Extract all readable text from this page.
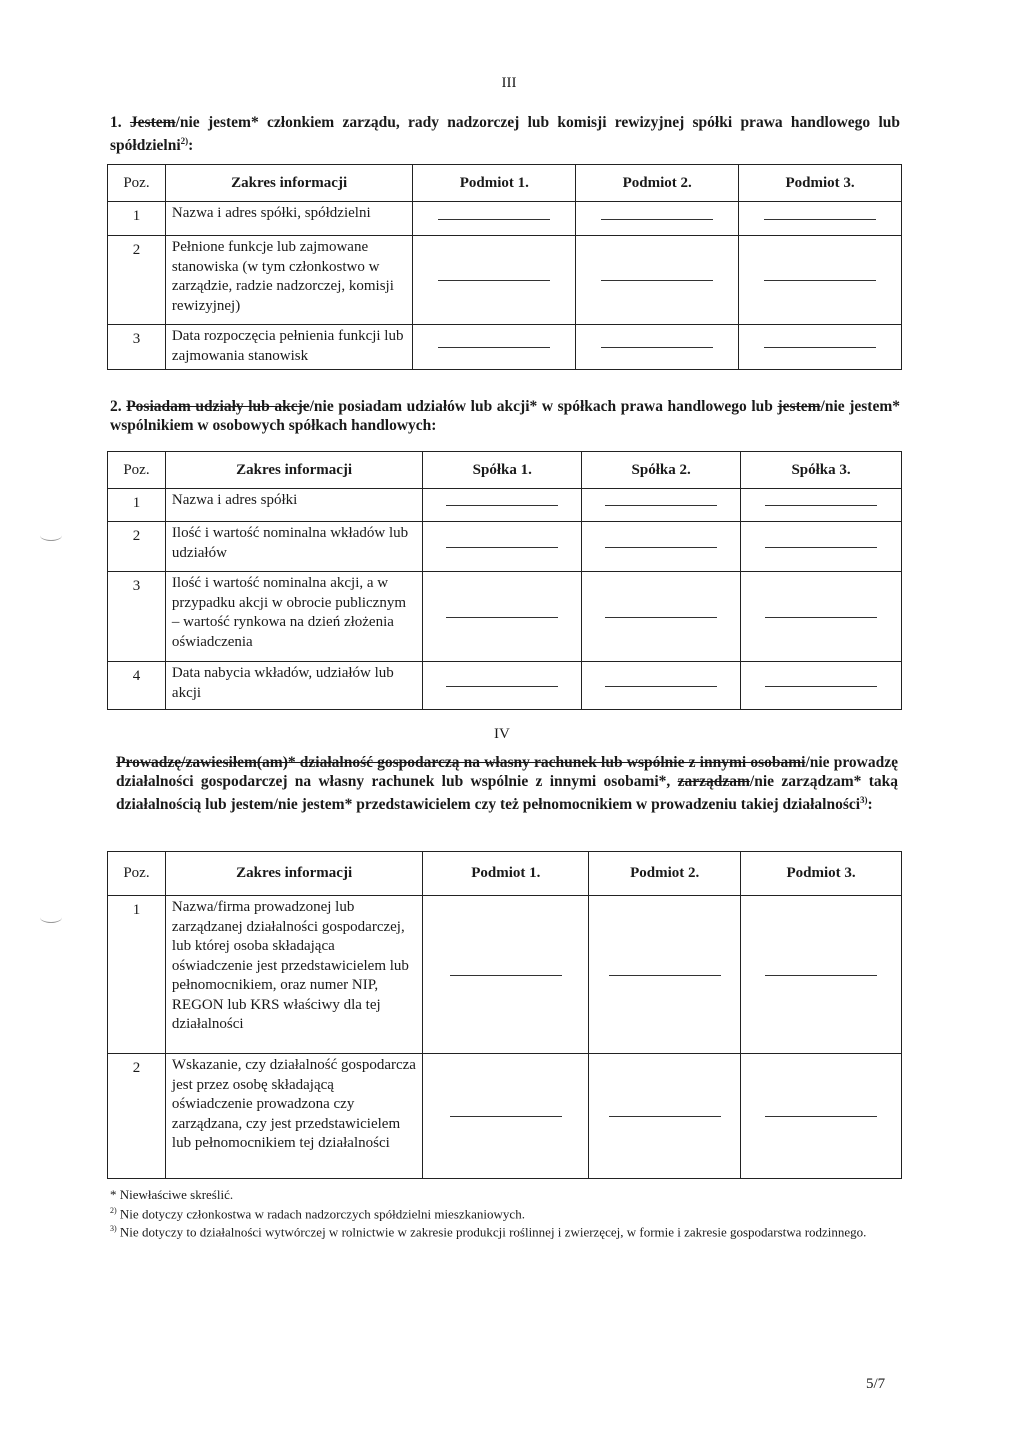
III
1. Jestem/nie jestem* członkiem zarządu, rady nadzorczej lub komisji rewizyjnej spółki prawa handlowego lub spółdzielni$^{2)}$:
Poz.	Zakres informacji	Podmiot 1.	Podmiot 2.	Podmiot 3.
1	Nazwa i adres spółki, spółdzielni	

2	Pełnione funkcje lub zajmowane stanowiska (w tym członkostwo w zarządzie, radzie nadzorczej, komisji rewizyjnej)	

3	Data rozpoczęcia pełnienia funkcji lub zajmowania stanowisk	

2. Posiadam udziały lub akcje/nie posiadam udziałów lub akcji* w spółkach prawa handlowego lub jestem/nie jestem* wspólnikiem w osobowych spółkach handlowych:
Poz.	Zakres informacji	Spółka 1.	Spółka 2.	Spółka 3.
1	Nazwa i adres spółki	

2	Ilość i wartość nominalna wkładów lub udziałów	

3	Ilość i wartość nominalna akcji, a w przypadku akcji w obrocie publicznym – wartość rynkowa na dzień złożenia oświadczenia	

4	Data nabycia wkładów, udziałów lub akcji	

IV
Prowadzę/zawiesiłem(am)* działalność gospodarczą na własny rachunek lub wspólnie z innymi osobami/nie prowadzę działalności gospodarczej na własny rachunek lub wspólnie z innymi osobami*, zarządzam/nie zarządzam* taką działalnością lub jestem/nie jestem* przedstawicielem czy też pełnomocnikiem w prowadzeniu takiej działalności$^{3)}$:
Poz.	Zakres informacji	Podmiot 1.	Podmiot 2.	Podmiot 3.
1	Nazwa/firma prowadzonej lub zarządzanej działalności gospodarczej, lub której osoba składająca oświadczenie jest przedstawicielem lub pełnomocnikiem, oraz numer NIP, REGON lub KRS właściwy dla tej działalności	

2	Wskazanie, czy działalność gospodarcza jest przez osobę składającą oświadczenie prowadzona czy zarządzana, czy jest przedstawicielem lub pełnomocnikiem tej działalności	

* Niewłaściwe skreślić.
$^{2)}$ Nie dotyczy członkostwa w radach nadzorczych spółdzielni mieszkaniowych.
$^{3)}$ Nie dotyczy to działalności wytwórczej w rolnictwie w zakresie produkcji roślinnej i zwierzęcej, w formie i zakresie gospodarstwa rodzinnego.
5/7
